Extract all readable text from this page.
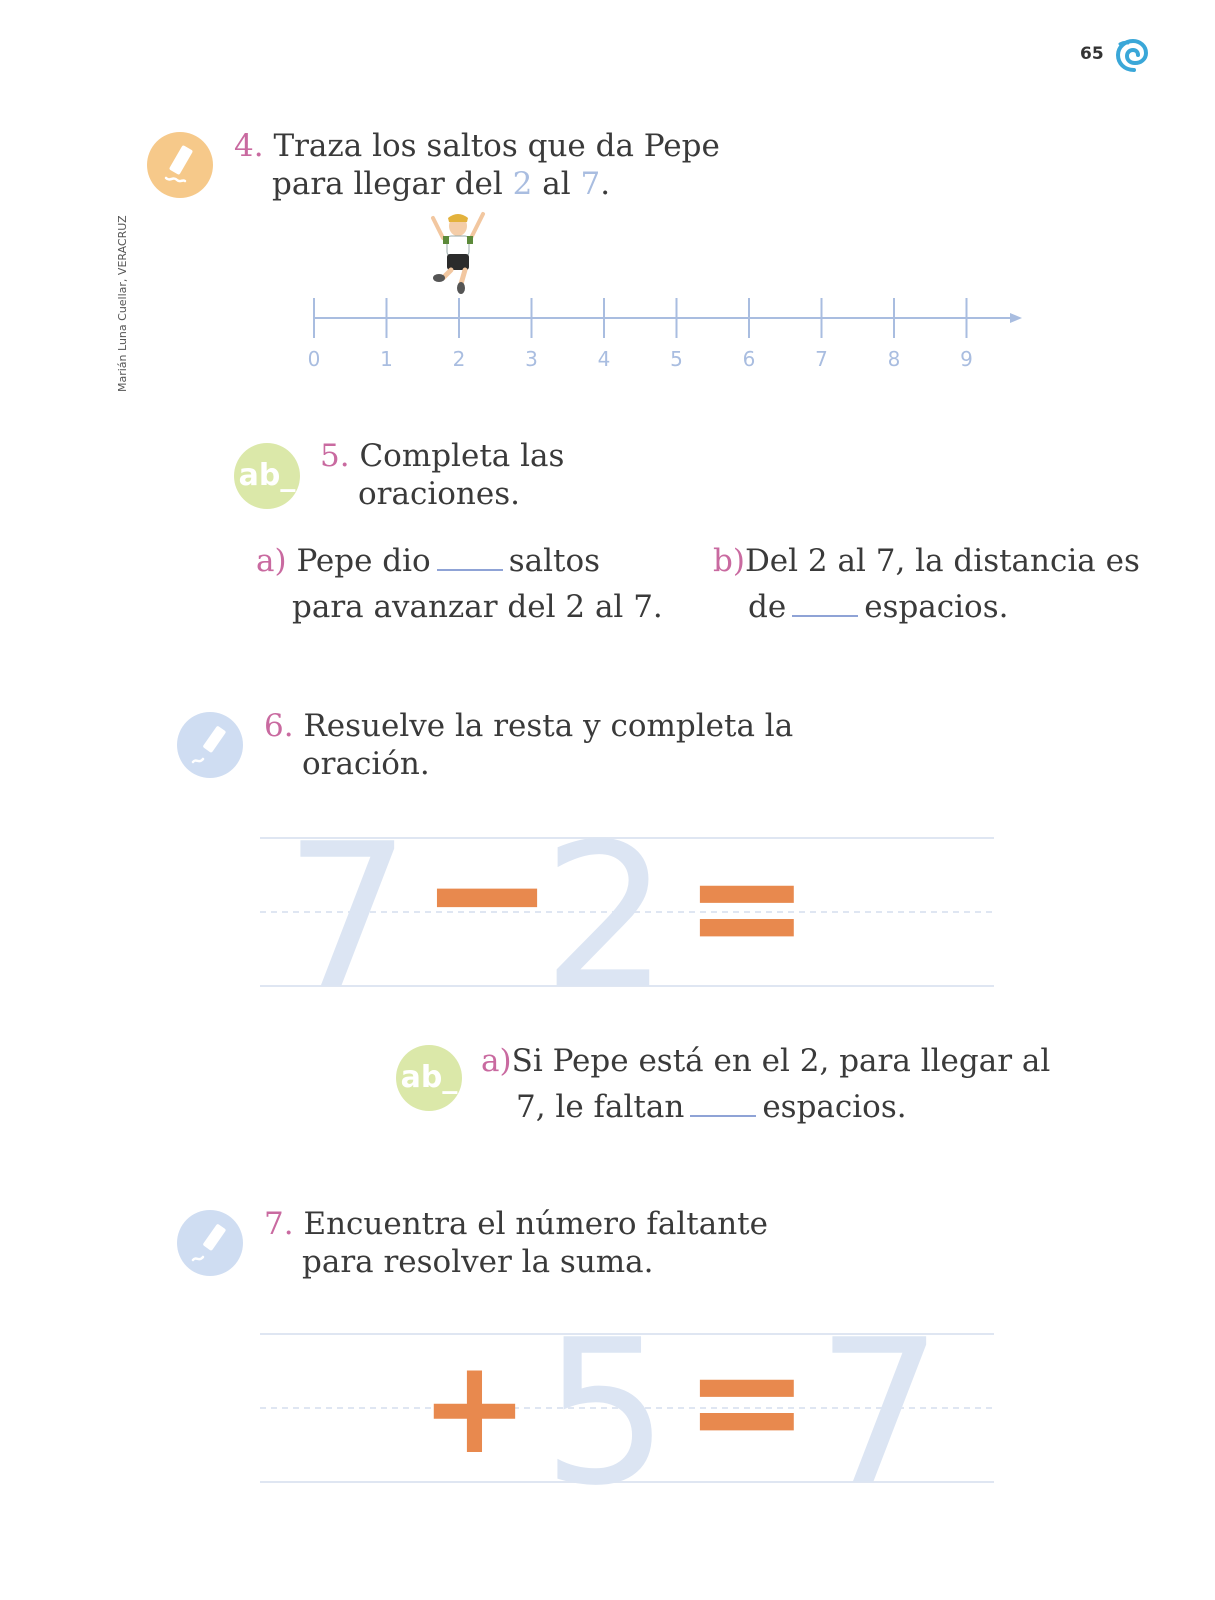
65
Marián Luna Cuellar, VERACRUZ
4. Traza los saltos que da Pepe
para llegar del 2 al 7.
0	1	2	3	4	5	6	7	8	9
ab_
5. Completa las
oraciones.
a) Pepe dio	saltos
para avanzar del 2 al 7.
b)Del 2 al 7, la distancia es
de	espacios.
6. Resuelve la resta y completa la
oración.
7 −
2 =
ab_ a)Si Pepe está en el 2, para llegar al
7, le faltan	espacios.
7. Encuentra el número faltante
para resolver la suma.
+ 5 = 7
